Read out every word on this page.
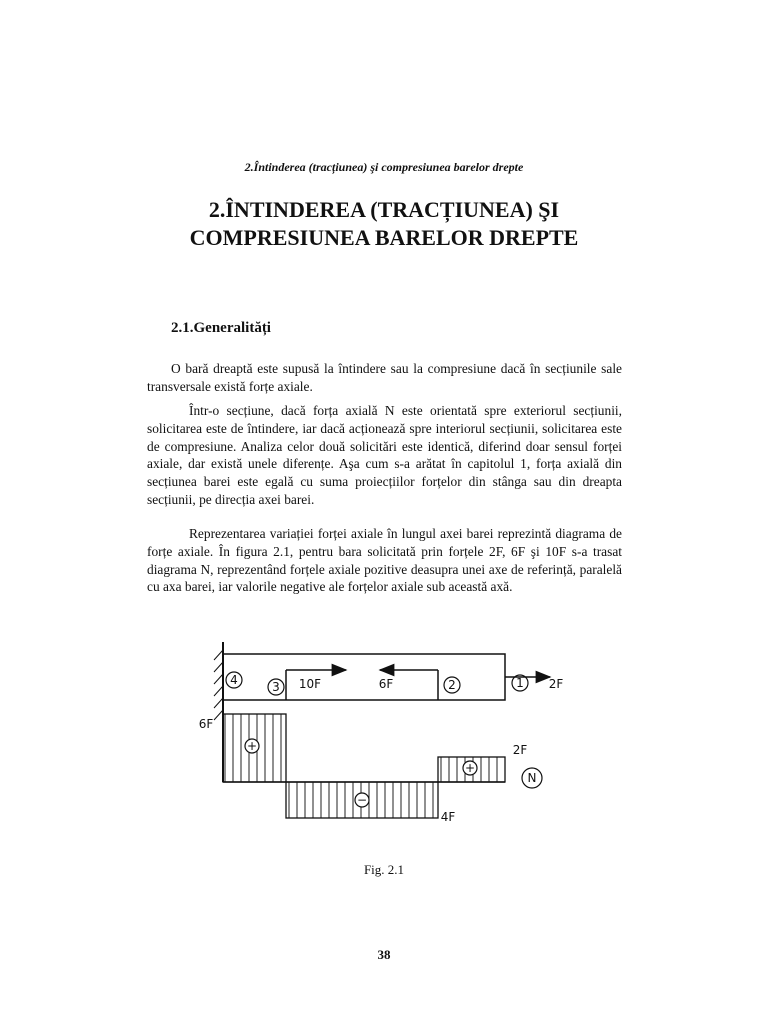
2.Întinderea (tracțiunea) şi compresiunea barelor drepte
2.ÎNTINDEREA (TRACȚIUNEA) ŞI
COMPRESIUNEA BARELOR DREPTE
2.1.Generalități

O bară dreaptă este supusă la întindere sau la compresiune dacă în secțiunile sale transversale există forțe axiale.

Într-o secțiune, dacă forța axială N este orientată spre exteriorul secțiunii, solicitarea este de întindere, iar dacă acționează spre interiorul secțiunii, solicitarea este de compresiune. Analiza celor două solicitări este identică, diferind doar sensul forței axiale, dar există unele diferențe. Aşa cum s-a arătat în capitolul 1, forța axială din secțiunea barei este egală cu suma proiecțiilor forțelor din stânga sau din dreapta secțiunii, pe direcția axei barei.

Reprezentarea variației forței axiale în lungul axei barei reprezintă diagrama de forțe axiale. În figura 2.1, pentru bara solicitată prin forțele 2F, 6F şi 10F s-a trasat diagrama N, reprezentând forțele axiale pozitive deasupra unei axe de referință, paralelă cu axa barei, iar valorile negative ale forțelor axiale sub această axă.

4	3	2	1
10F	6F	2F
+
−
+
6F
2F
4F
N
Fig. 2.1
38
